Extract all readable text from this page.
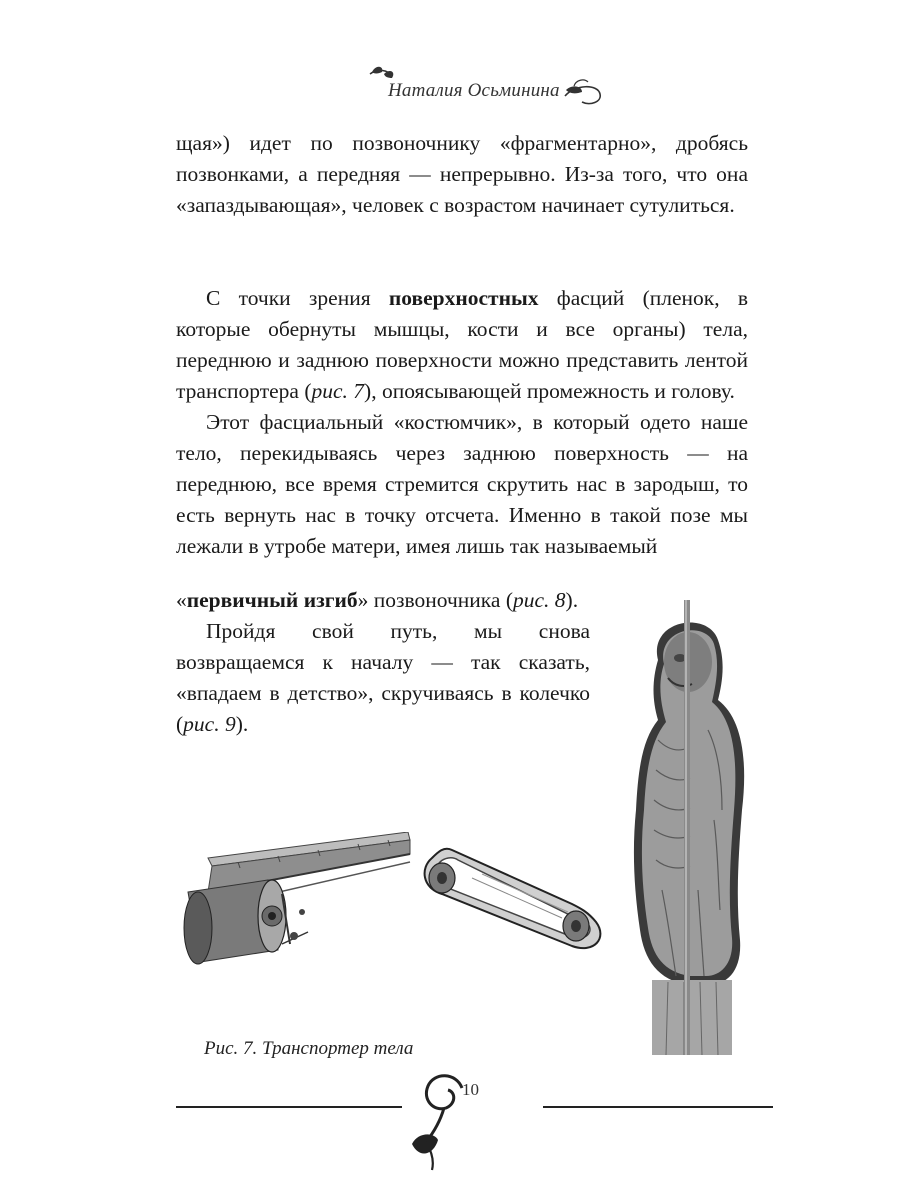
Наталия Осьминина

щая») идет по позвоночнику «фрагментарно», дробясь позвонками, а передняя — непрерывно. Из-за того, что она «запаздывающая», человек с возрастом начинает сутулиться.

С точки зрения поверхностных фасций (пленок, в которые обернуты мышцы, кости и все органы) тела, переднюю и заднюю поверхности можно представить лентой транспортера (рис. 7), опоясывающей промежность и голову.

Этот фасциальный «костюмчик», в который одето наше тело, перекидываясь через заднюю поверхность — на переднюю, все время стремится скрутить нас в зародыш, то есть вернуть нас в точку отсчета. Именно в такой позе мы лежали в утробе матери, имея лишь так называемый

«первичный изгиб» позвоночника (рис. 8).

Пройдя свой путь, мы снова возвращаемся к началу — так сказать, «впадаем в детство», скручиваясь в колечко (рис. 9).

Рис. 7. Транспортер тела
10
